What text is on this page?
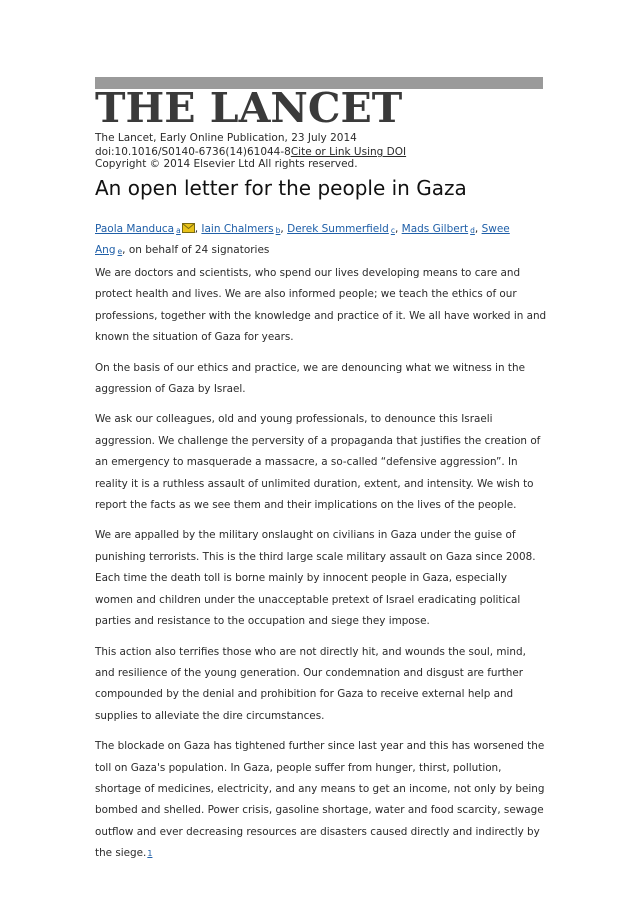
THE LANCET
The Lancet, Early Online Publication, 23 July 2014
doi:10.1016/S0140-6736(14)61044-8Cite or Link Using DOI
Copyright © 2014 Elsevier Ltd All rights reserved.
An open letter for the people in Gaza
Paola Manduca a , Iain Chalmers b, Derek Summerfield c, Mads Gilbert d, Swee Ang e, on behalf of 24 signatories

We are doctors and scientists, who spend our lives developing means to care and protect health and lives. We are also informed people; we teach the ethics of our professions, together with the knowledge and practice of it. We all have worked in and known the situation of Gaza for years.

On the basis of our ethics and practice, we are denouncing what we witness in the aggression of Gaza by Israel.

We ask our colleagues, old and young professionals, to denounce this Israeli aggression. We challenge the perversity of a propaganda that justifies the creation of an emergency to masquerade a massacre, a so-called “defensive aggression”. In reality it is a ruthless assault of unlimited duration, extent, and intensity. We wish to report the facts as we see them and their implications on the lives of the people.

We are appalled by the military onslaught on civilians in Gaza under the guise of punishing terrorists. This is the third large scale military assault on Gaza since 2008. Each time the death toll is borne mainly by innocent people in Gaza, especially women and children under the unacceptable pretext of Israel eradicating political parties and resistance to the occupation and siege they impose.

This action also terrifies those who are not directly hit, and wounds the soul, mind, and resilience of the young generation. Our condemnation and disgust are further compounded by the denial and prohibition for Gaza to receive external help and supplies to alleviate the dire circumstances.

The blockade on Gaza has tightened further since last year and this has worsened the toll on Gaza's population. In Gaza, people suffer from hunger, thirst, pollution, shortage of medicines, electricity, and any means to get an income, not only by being bombed and shelled. Power crisis, gasoline shortage, water and food scarcity, sewage outflow and ever decreasing resources are disasters caused directly and indirectly by the siege.1
